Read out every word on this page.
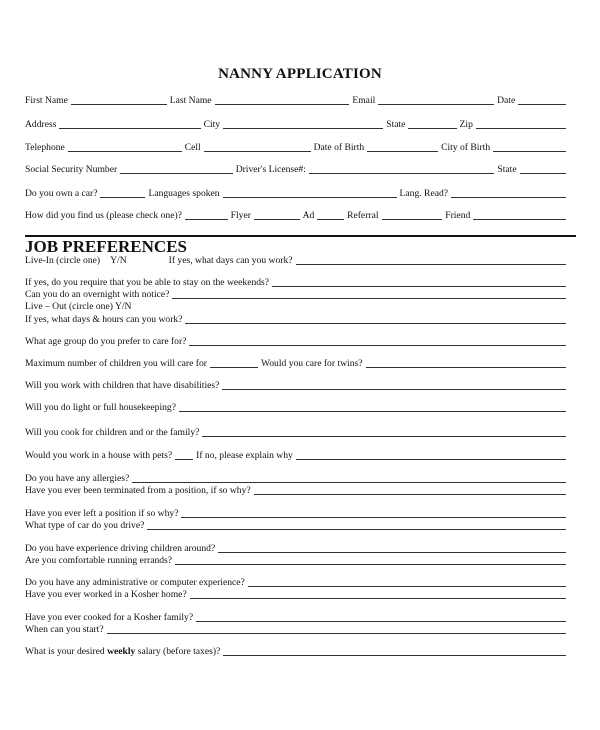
NANNY APPLICATION
First Name	Last Name	Email	Date
Address	City	State	Zip
Telephone	Cell	Date of Birth	City of Birth
Social Security Number	Driver's License#:	State
Do you own a car?	Languages spoken	Lang. Read?
How did you find us (please check one)?	Flyer	Ad	Referral	Friend
JOB PREFERENCES
Live-In (circle one) Y/N	If yes, what days can you work?
If yes, do you require that you be able to stay on the weekends?
Can you do an overnight with notice?
Live – Out (circle one) Y/N
If yes, what days & hours can you work?
What age group do you prefer to care for?
Maximum number of children you will care for	Would you care for twins?
Will you work with children that have disabilities?
Will you do light or full housekeeping?
Will you cook for children and or the family?
Would you work in a house with pets?	If no, please explain why
Do you have any allergies?
Have you ever been terminated from a position, if so why?
Have you ever left a position if so why?
What type of car do you drive?
Do you have experience driving children around?
Are you comfortable running errands?
Do you have any administrative or computer experience?
Have you ever worked in a Kosher home?
Have you ever cooked for a Kosher family?
When can you start?
What is your desired weekly salary (before taxes)?
